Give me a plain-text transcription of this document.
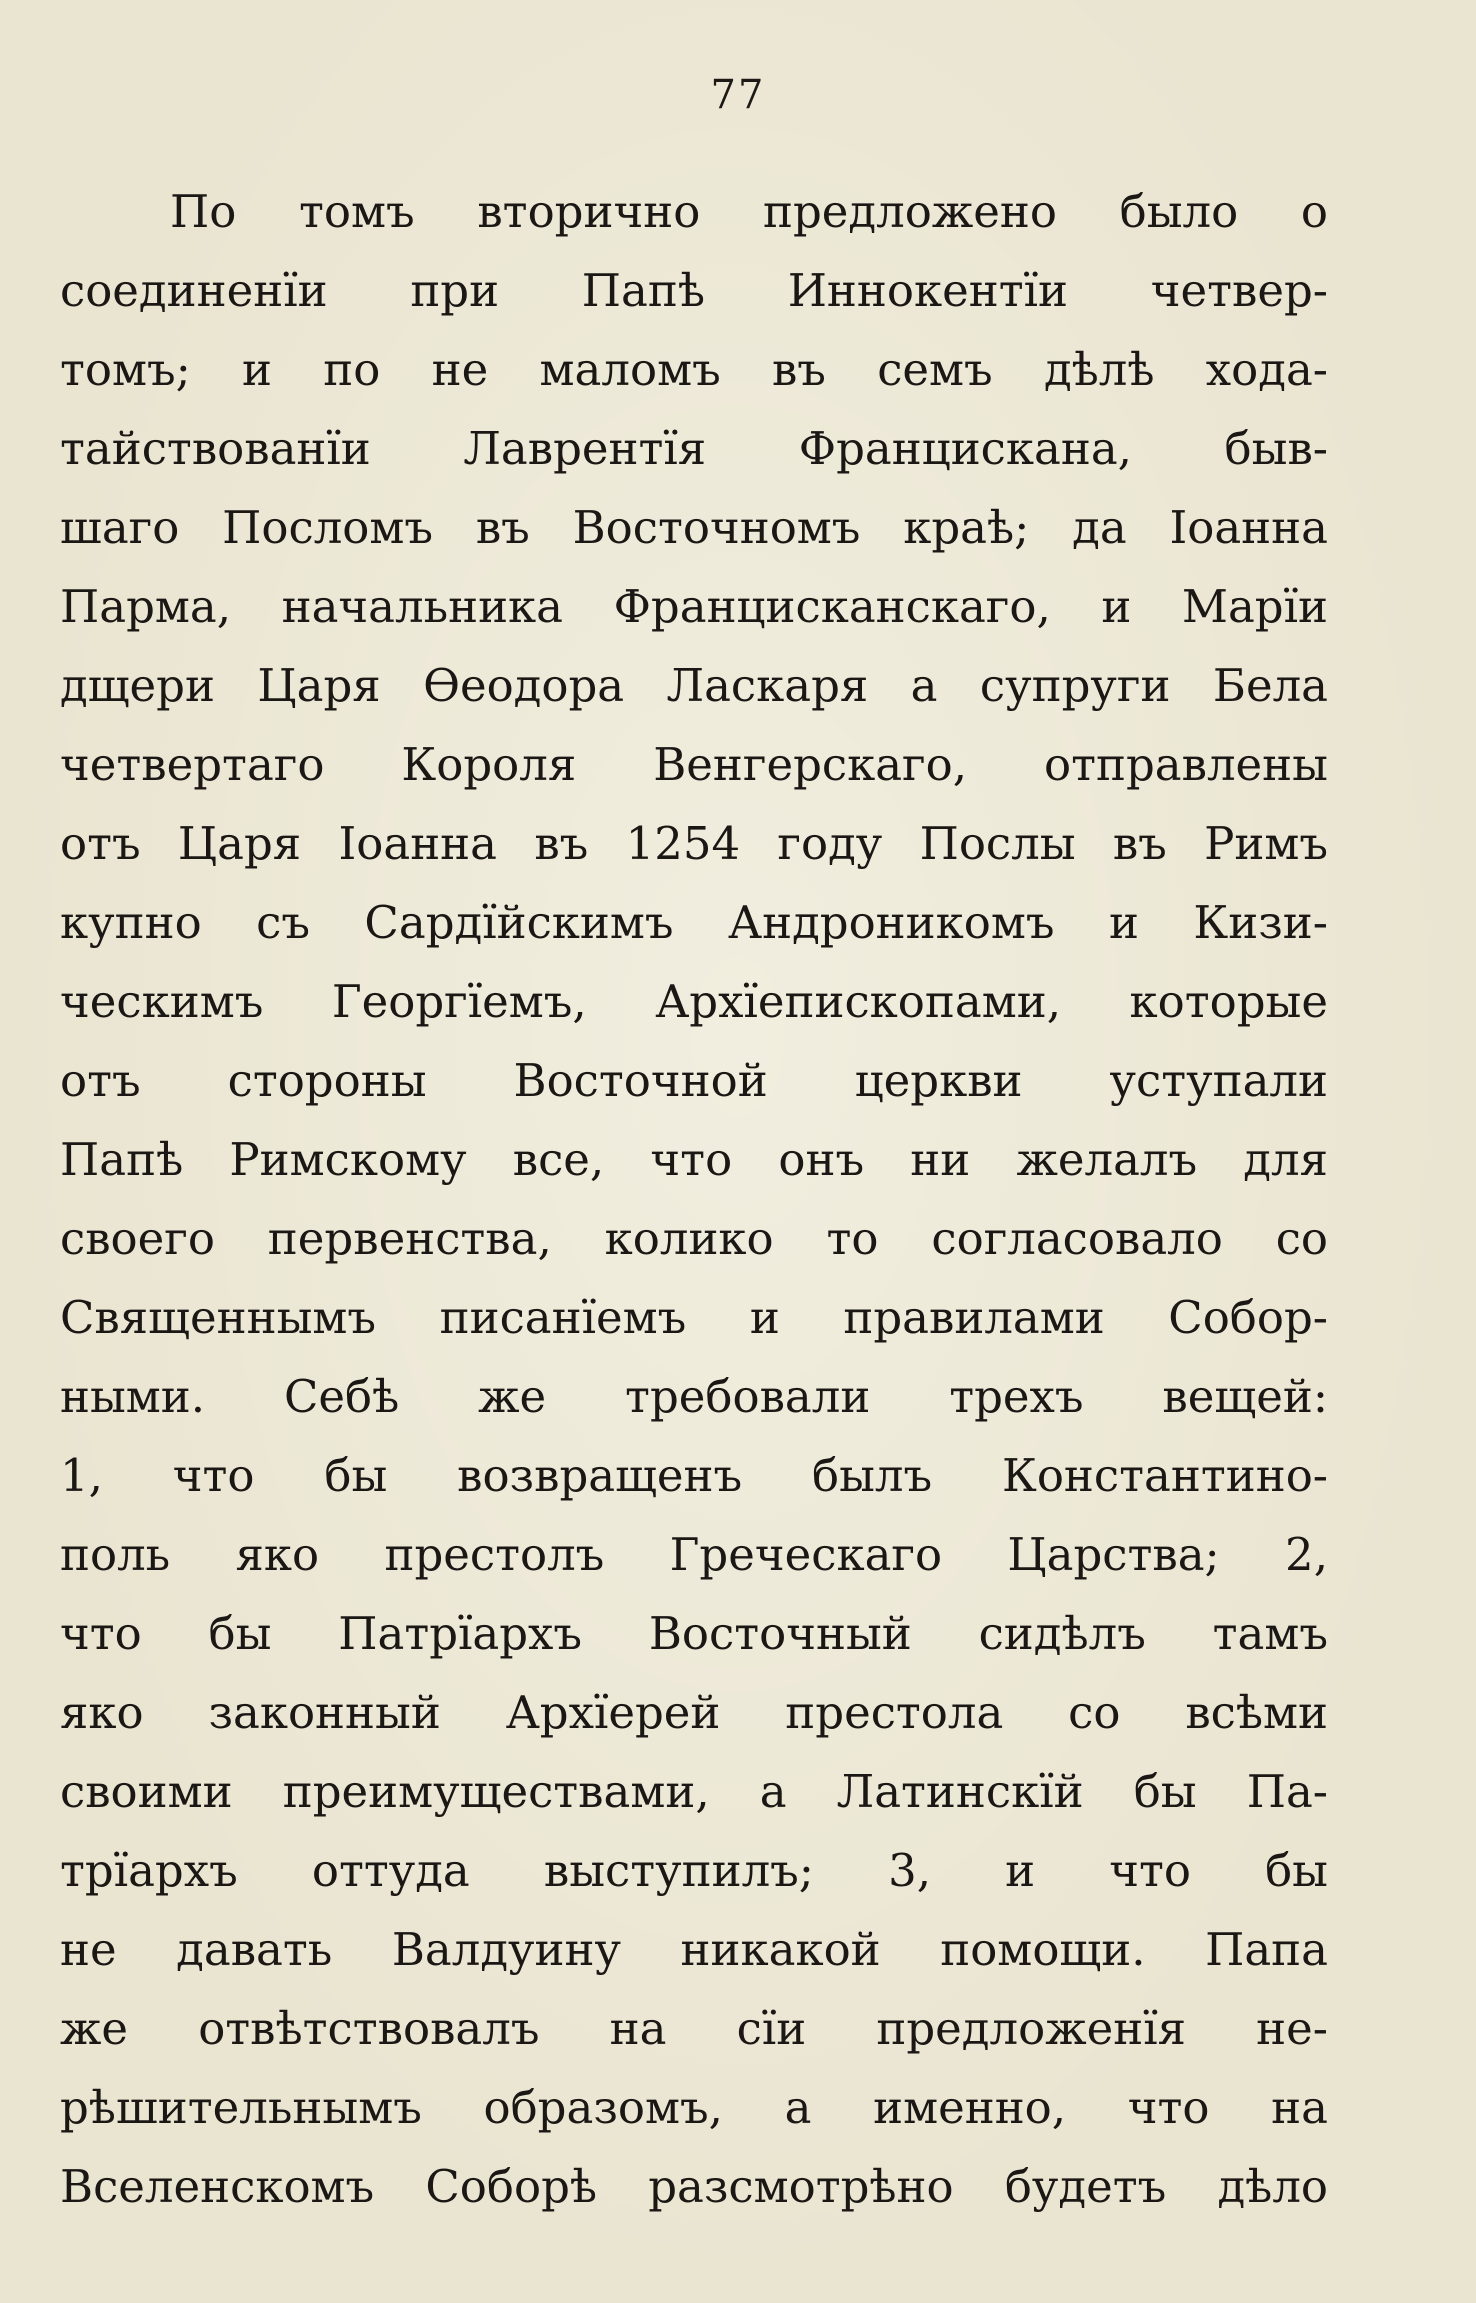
77
По томъ вторично предложено было о
соединенїи при Папѣ Иннокентїи четвер-
томъ; и по не маломъ въ семъ дѣлѣ хода-
тайствованїи Лаврентїя Францискана, быв-
шаго Посломъ въ Восточномъ краѣ; да Іоанна
Парма, начальника Францисканскаго, и Марїи
дщери Царя Ѳеодора Ласкаря а супруги Бела
четвертаго Короля Венгерскаго, отправлены
отъ Царя Іоанна въ 1254 году Послы въ Римъ
купно съ Сардїйскимъ Андроникомъ и Кизи-
ческимъ Георгїемъ, Архїепископами, которые
отъ стороны Восточной церкви уступали
Папѣ Римскому все, что онъ ни желалъ для
своего первенства, колико то согласовало со
Священнымъ писанїемъ и правилами Собор-
ными. Себѣ же требовали трехъ вещей:
1, что бы возвращенъ былъ Константино-
поль яко престолъ Греческаго Царства; 2,
что бы Патрїархъ Восточный сидѣлъ тамъ
яко законный Архїерей престола со всѣми
своими преимуществами, а Латинскїй бы Па-
трїархъ оттуда выступилъ; 3, и что бы
не давать Валдуину никакой помощи. Папа
же отвѣтствовалъ на сїи предложенїя не-
рѣшительнымъ образомъ, а именно, что на
Вселенскомъ Соборѣ разсмотрѣно будетъ дѣло
